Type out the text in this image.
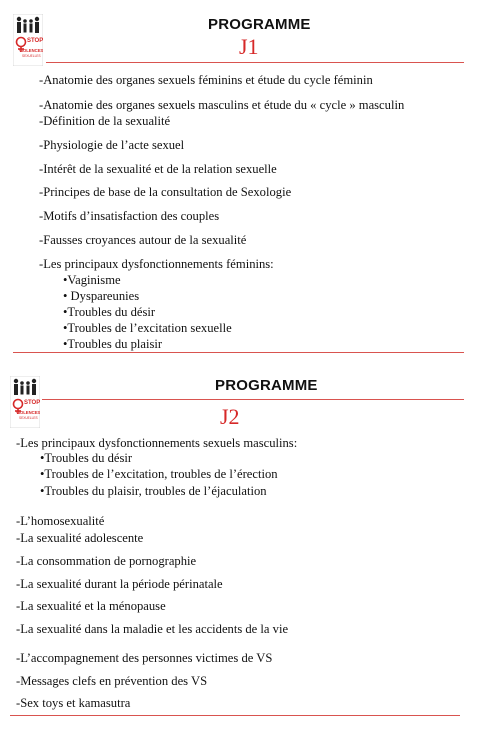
STOP
VIOLENCES
SEXUELLES
PROGRAMME
J1
-Anatomie des organes sexuels féminins et étude du cycle féminin
-Anatomie des organes sexuels masculins et étude du « cycle » masculin
-Définition de la sexualité
-Physiologie de l’acte sexuel
-Intérêt de la sexualité et de la relation sexuelle
-Principes de base de la consultation de Sexologie
-Motifs d’insatisfaction des couples
-Fausses croyances autour de la sexualité
-Les principaux dysfonctionnements féminins:
•Vaginisme
• Dyspareunies
•Troubles du désir
•Troubles de l’excitation sexuelle
•Troubles du plaisir
STOP
VIOLENCES
SEXUELLES
PROGRAMME
J2
-Les principaux dysfonctionnements sexuels masculins:
•Troubles du désir
•Troubles de l’excitation, troubles de l’érection
•Troubles du plaisir, troubles de l’éjaculation
-L’homosexualité
-La sexualité adolescente
-La consommation de pornographie
-La sexualité durant la période périnatale
-La sexualité et la ménopause
-La sexualité dans la maladie et les accidents de la vie
-L’accompagnement des personnes victimes de VS
-Messages clefs en prévention des VS
-Sex toys et kamasutra
